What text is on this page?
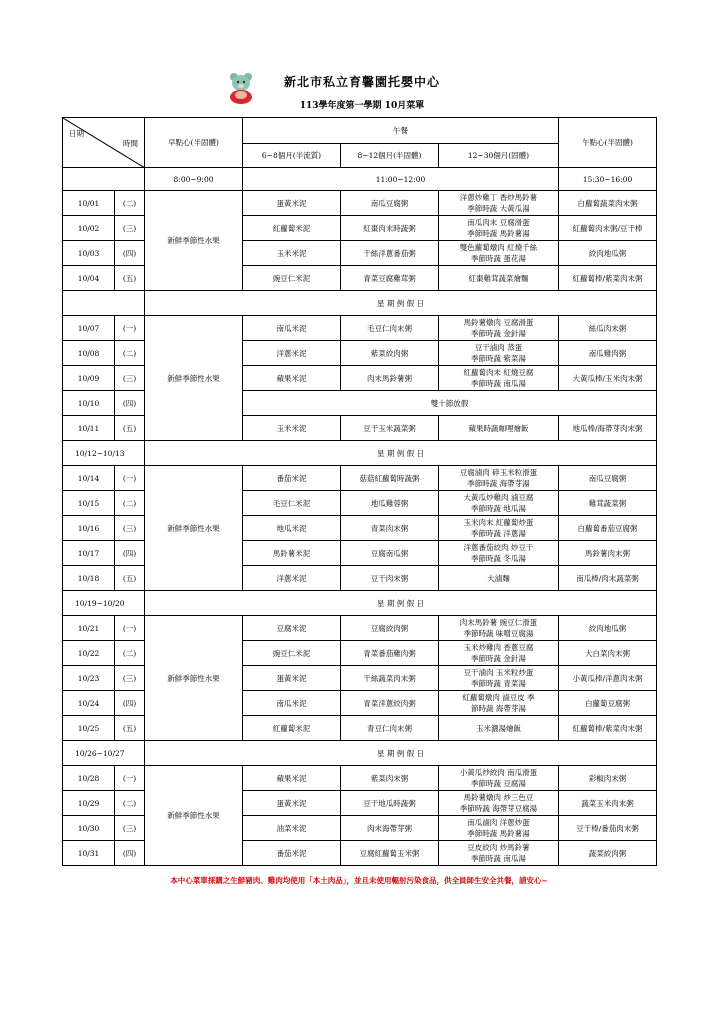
新北市私立育馨園托嬰中心
113學年度第一學期 10月菜單
日期
時間		早點心(半固體)	午餐			午點心(半固體)
			6~8個月(半流質)	8~12個月(半固體)	12~30個月(固體)	
		8:00~9:00	11:00~12:00			15:30~16:00
10/01	(二)	新鮮季節性水果	蛋黃米泥	南瓜豆腐粥	洋蔥炒雞丁 香炒馬鈴薯
季節時蔬 大黃瓜湯	白蘿蔔蔬菜肉末粥
10/02	(三)		紅蘿蔔米泥	紅棗肉末時蔬粥	南瓜肉末 豆腐滑蛋
季節時蔬 馬鈴薯湯	紅蘿蔔肉末粥/豆干棒
10/03	(四)		玉米米泥	干絲洋蔥番茄粥	雙色蘿蔔燉肉 紅燒千絲
季節時蔬 蛋花湯	絞肉地瓜粥
10/04	(五)		豌豆仁米泥	青菜豆腐雞茸粥	紅棗雞茸蔬菜燴麵	紅蘿蔔棒/紫菜肉末粥
		星 期 例 假 日				
10/07	(一)	新鮮季節性水果	南瓜米泥	毛豆仁肉末粥	馬鈴薯燉肉 豆腐滑蛋
季節時蔬 金針湯	絲瓜肉末粥
10/08	(二)		洋蔥米泥	紫菜絞肉粥	豆干滷肉 蒸蛋
季節時蔬 紫菜湯	南瓜雞肉粥
10/09	(三)		蘋果米泥	肉末馬鈴薯粥	紅蘿蔔肉末 紅燒豆腐
季節時蔬 南瓜湯	大黃瓜棒/玉米肉末粥
10/10	(四)		雙十節放假			
10/11	(五)		玉米米泥	豆干玉米蔬菜粥	蘋果時蔬咖哩燴飯	地瓜棒/海帶芽肉末粥
10/12~10/13		星 期 例 假 日				
10/14	(一)	新鮮季節性水果	番茄米泥	菇菇紅蘿蔔時蔬粥	豆腐滷肉 碎玉米粒滑蛋
季節時蔬 海帶芽湯	南瓜豆腐粥
10/15	(二)		毛豆仁米泥	地瓜雞蓉粥	大黃瓜炒雞肉 滷豆腐
季節時蔬 地瓜湯	雞茸蔬菜粥
10/16	(三)		地瓜米泥	青菜肉末粥	玉米肉末 紅蘿蔔炒蛋
季節時蔬 洋蔥湯	白蘿蔔番茄豆腐粥
10/17	(四)		馬鈴薯米泥	豆腐南瓜粥	洋蔥番茄絞肉 炒豆干
季節時蔬 冬瓜湯	馬鈴薯肉末粥
10/18	(五)		洋蔥米泥	豆干肉末粥	大滷麵	南瓜棒/肉末蔬菜粥
10/19~10/20		星 期 例 假 日				
10/21	(一)	新鮮季節性水果	豆腐米泥	豆腐絞肉粥	肉末馬鈴薯 豌豆仁滑蛋
季節時蔬 味噌豆腐湯	絞肉地瓜粥
10/22	(二)		豌豆仁米泥	青菜番茄雞肉粥	玉米炒雞肉 香蔥豆腐
季節時蔬 金針湯	大白菜肉末粥
10/23	(三)		蛋黃米泥	干絲蔬菜肉末粥	豆干滷肉 玉米粒炒蛋
季節時蔬 青菜湯	小黃瓜棒/洋蔥肉末粥
10/24	(四)		南瓜米泥	青菜洋蔥絞肉粥	紅蘿蔔燉肉 滷豆皮 季
節時蔬 海帶芽湯	白蘿蔔豆腐粥
10/25	(五)		紅蘿蔔米泥	青豆仁肉末粥	玉米濃湯燴飯	紅蘿蔔棒/紫菜肉末粥
10/26~10/27		星 期 例 假 日				
10/28	(一)	新鮮季節性水果	蘋果米泥	紫菜肉末粥	小黃瓜炒絞肉 南瓜滑蛋
季節時蔬 豆腐湯	彩椒肉末粥
10/29	(二)		蛋黃米泥	豆干地瓜時蔬粥	馬鈴薯燉肉 炒三色豆
季節時蔬 海帶芽豆腐湯	蔬菜玉米肉末粥
10/30	(三)		油菜米泥	肉末海帶芽粥	南瓜滷肉 洋蔥炒蛋
季節時蔬 馬鈴薯湯	豆干棒/番茄肉末粥
10/31	(四)		番茄米泥	豆腐紅蘿蔔玉米粥	豆皮絞肉 炒馬鈴薯
季節時蔬 南瓜湯	蔬菜絞肉粥
本中心菜單採購之生鮮豬肉、雞肉均使用「本土肉品」，並且未使用輻射污染食品，供全員師生安全共餐，請安心~
